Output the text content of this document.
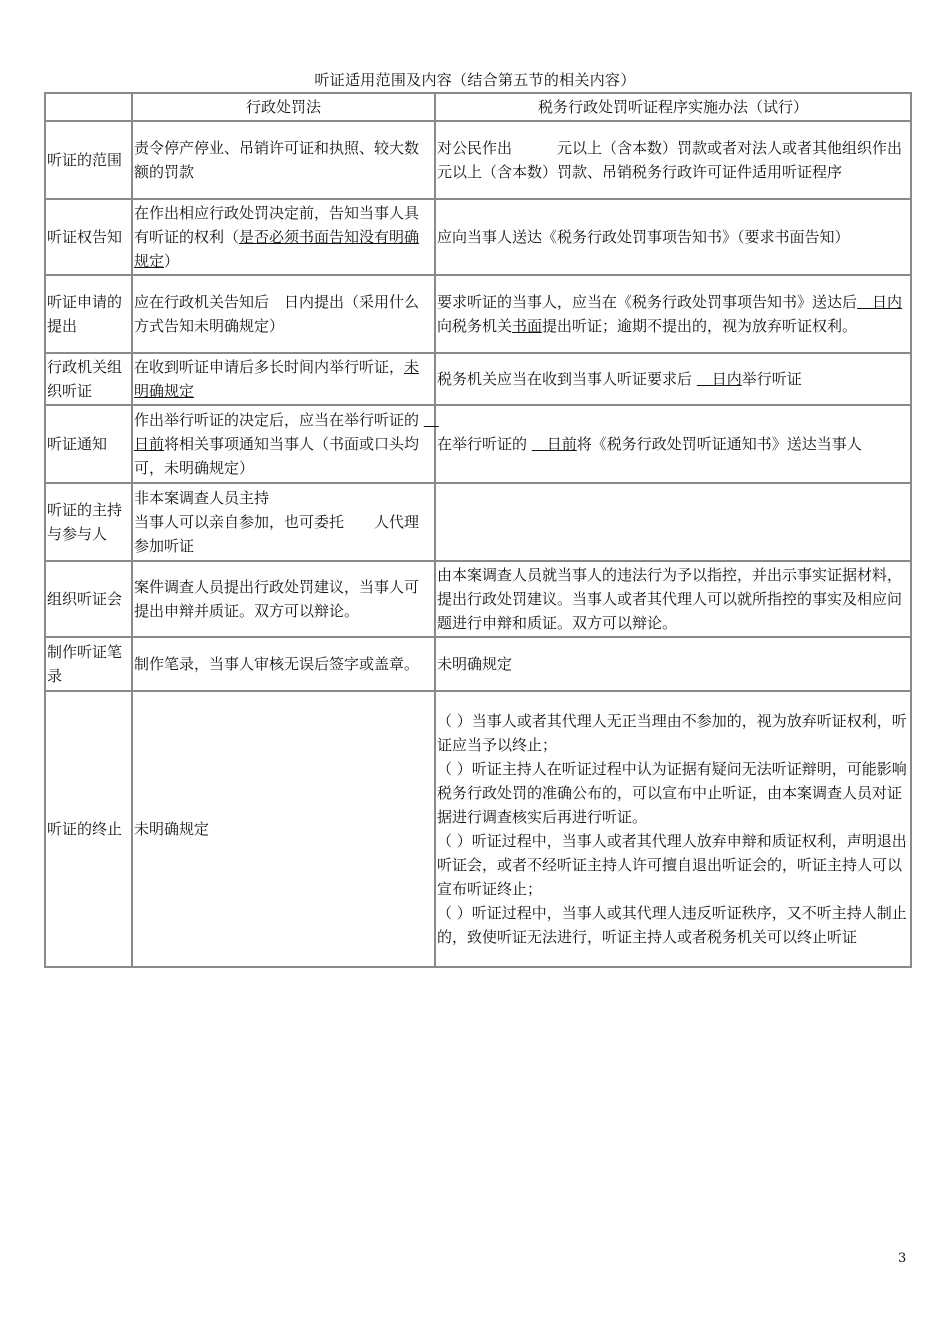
听证适用范围及内容（结合第五节的相关内容）
	行政处罚法	税务行政处罚听证程序实施办法（试行）
听证的范围	责令停产停业、吊销许可证和执照、较大数额的罚款	对公民作出　　　元以上（含本数）罚款或者对法人或者其他组织作出　　　元以上（含本数）罚款、吊销税务行政许可证件适用听证程序
听证权告知	在作出相应行政处罚决定前，告知当事人具有听证的权利（是否必须书面告知没有明确规定）	应向当事人送达《税务行政处罚事项告知书》（要求书面告知）
听证申请的提出	应在行政机关告知后　日内提出（采用什么方式告知未明确规定）	要求听证的当事人，应当在《税务行政处罚事项告知书》送达后　日内向税务机关书面提出听证；逾期不提出的，视为放弃听证权利。
行政机关组织听证	在收到听证申请后多长时间内举行听证，未明确规定	税务机关应当在收到当事人听证要求后 　日内举行听证
听证通知	作出举行听证的决定后，应当在举行听证的 　日前将相关事项通知当事人（书面或口头均可，未明确规定）	在举行听证的 　日前将《税务行政处罚听证通知书》送达当事人
听证的主持与参与人	非本案调查人员主持
当事人可以亲自参加，也可委托　　人代理参加听证	
组织听证会	案件调查人员提出行政处罚建议，当事人可提出申辩并质证。双方可以辩论。	由本案调查人员就当事人的违法行为予以指控，并出示事实证据材料，提出行政处罚建议。当事人或者其代理人可以就所指控的事实及相应问题进行申辩和质证。双方可以辩论。
制作听证笔录	制作笔录，当事人审核无误后签字或盖章。	未明确规定
听证的终止	未明确规定	（ ）当事人或者其代理人无正当理由不参加的，视为放弃听证权利，听证应当予以终止；
（ ）听证主持人在听证过程中认为证据有疑问无法听证辩明，可能影响税务行政处罚的准确公布的，可以宣布中止听证，由本案调查人员对证据进行调查核实后再进行听证。
（ ）听证过程中，当事人或者其代理人放弃申辩和质证权利，声明退出听证会，或者不经听证主持人许可擅自退出听证会的，听证主持人可以宣布听证终止；
（ ）听证过程中，当事人或其代理人违反听证秩序，又不听主持人制止的，致使听证无法进行，听证主持人或者税务机关可以终止听证
3
